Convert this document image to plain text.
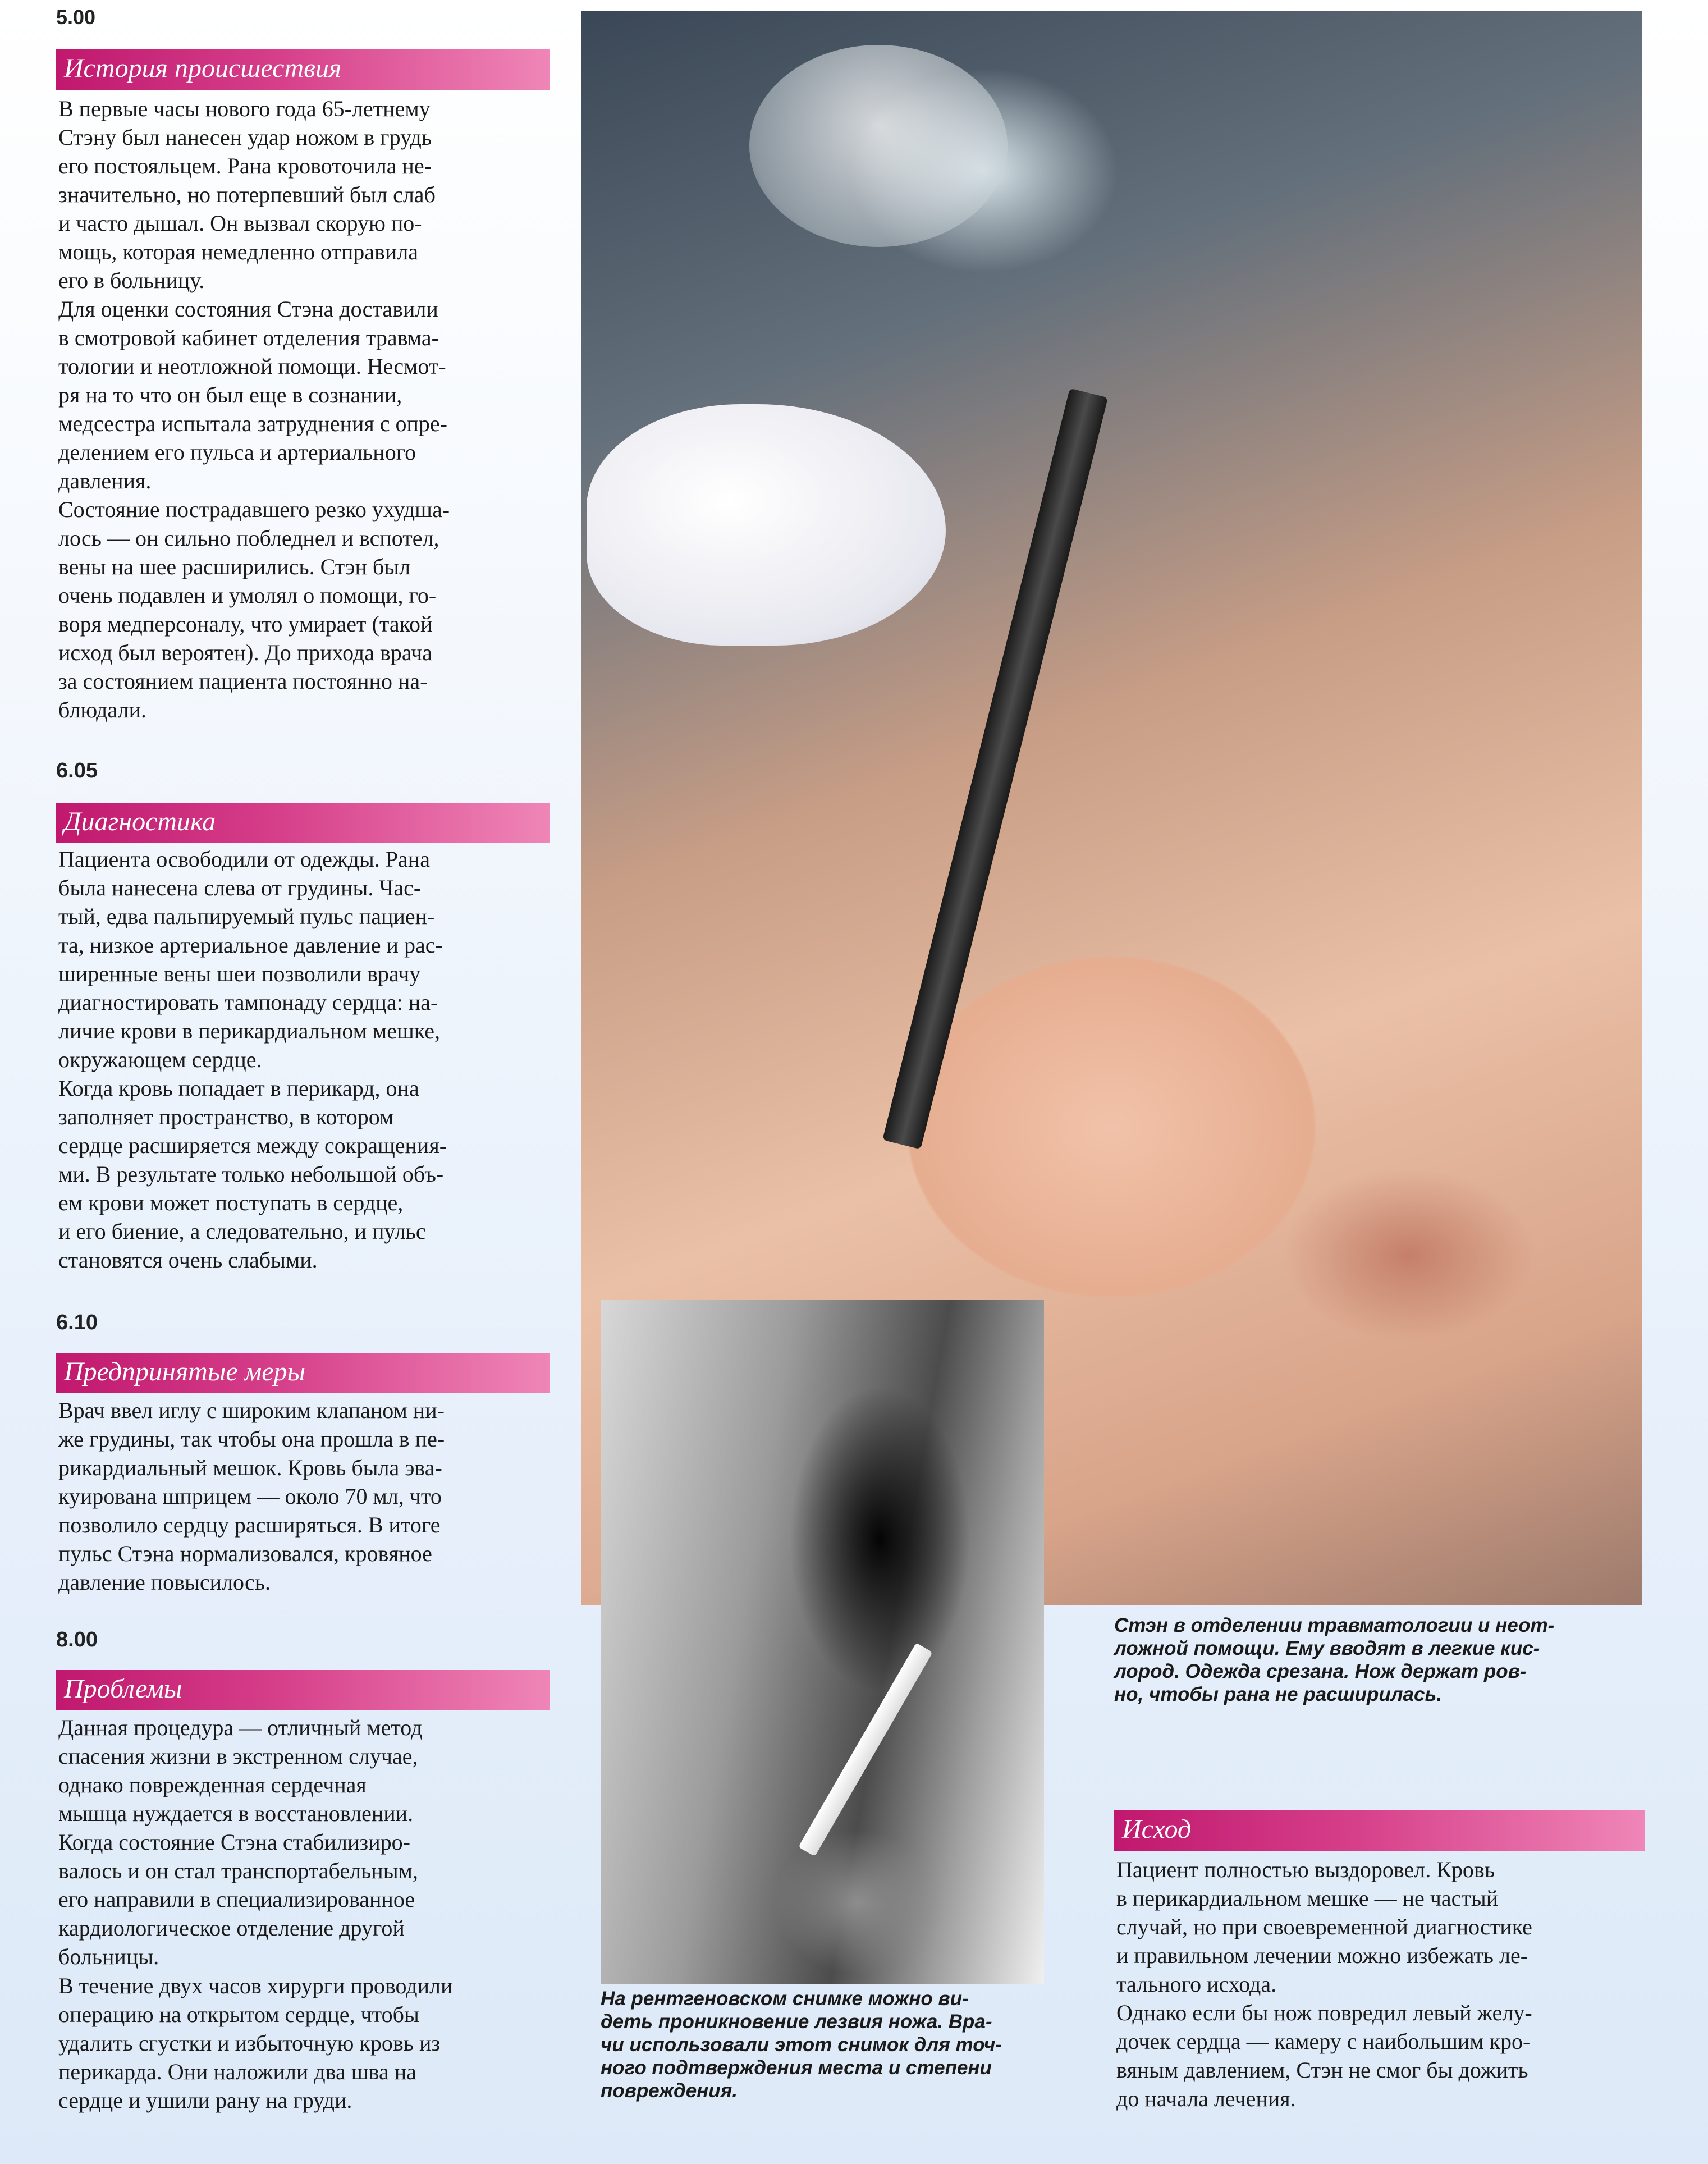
5.00
История происшествия

В первые часы нового года 65-летнему
Стэну был нанесен удар ножом в грудь
его постояльцем. Рана кровоточила не-
значительно, но потерпевший был слаб
и часто дышал. Он вызвал скорую по-
мощь, которая немедленно отправила
его в больницу.

Для оценки состояния Стэна доставили
в смотровой кабинет отделения травма-
тологии и неотложной помощи. Несмот-
ря на то что он был еще в сознании,
медсестра испытала затруднения с опре-
делением его пульса и артериального
давления.

Состояние пострадавшего резко ухудша-
лось — он сильно побледнел и вспотел,
вены на шее расширились. Стэн был
очень подавлен и умолял о помощи, го-
воря медперсоналу, что умирает (такой
исход был вероятен). До прихода врача
за состоянием пациента постоянно на-
блюдали.

6.05
Диагностика

Пациента освободили от одежды. Рана
была нанесена слева от грудины. Час-
тый, едва пальпируемый пульс пациен-
та, низкое артериальное давление и рас-
ширенные вены шеи позволили врачу
диагностировать тампонаду сердца: на-
личие крови в перикардиальном мешке,
окружающем сердце.

Когда кровь попадает в перикард, она
заполняет пространство, в котором
сердце расширяется между сокращения-
ми. В результате только небольшой объ-
ем крови может поступать в сердце,
и его биение, а следовательно, и пульс
становятся очень слабыми.

6.10
Предпринятые меры

Врач ввел иглу с широким клапаном ни-
же грудины, так чтобы она прошла в пе-
рикардиальный мешок. Кровь была эва-
куирована шприцем — около 70 мл, что
позволило сердцу расширяться. В итоге
пульс Стэна нормализовался, кровяное
давление повысилось.

8.00
Проблемы

Данная процедура — отличный метод
спасения жизни в экстренном случае,
однако поврежденная сердечная
мышца нуждается в восстановлении.
Когда состояние Стэна стабилизиро-
валось и он стал транспортабельным,
его направили в специализированное
кардиологическое отделение другой
больницы.

В течение двух часов хирурги проводили
операцию на открытом сердце, чтобы
удалить сгустки и избыточную кровь из
перикарда. Они наложили два шва на
сердце и ушили рану на груди.

Стэн в отделении травматологии и неот-
ложной помощи. Ему вводят в легкие кис-
лород. Одежда срезана. Нож держат ров-
но, чтобы рана не расширилась.

На рентгеновском снимке можно ви-
деть проникновение лезвия ножа. Вра-
чи использовали этот снимок для точ-
ного подтверждения места и степени
повреждения.

Исход

Пациент полностью выздоровел. Кровь
в перикардиальном мешке — не частый
случай, но при своевременной диагностике
и правильном лечении можно избежать ле-
тального исхода.

Однако если бы нож повредил левый желу-
дочек сердца — камеру с наибольшим кро-
вяным давлением, Стэн не смог бы дожить
до начала лечения.
